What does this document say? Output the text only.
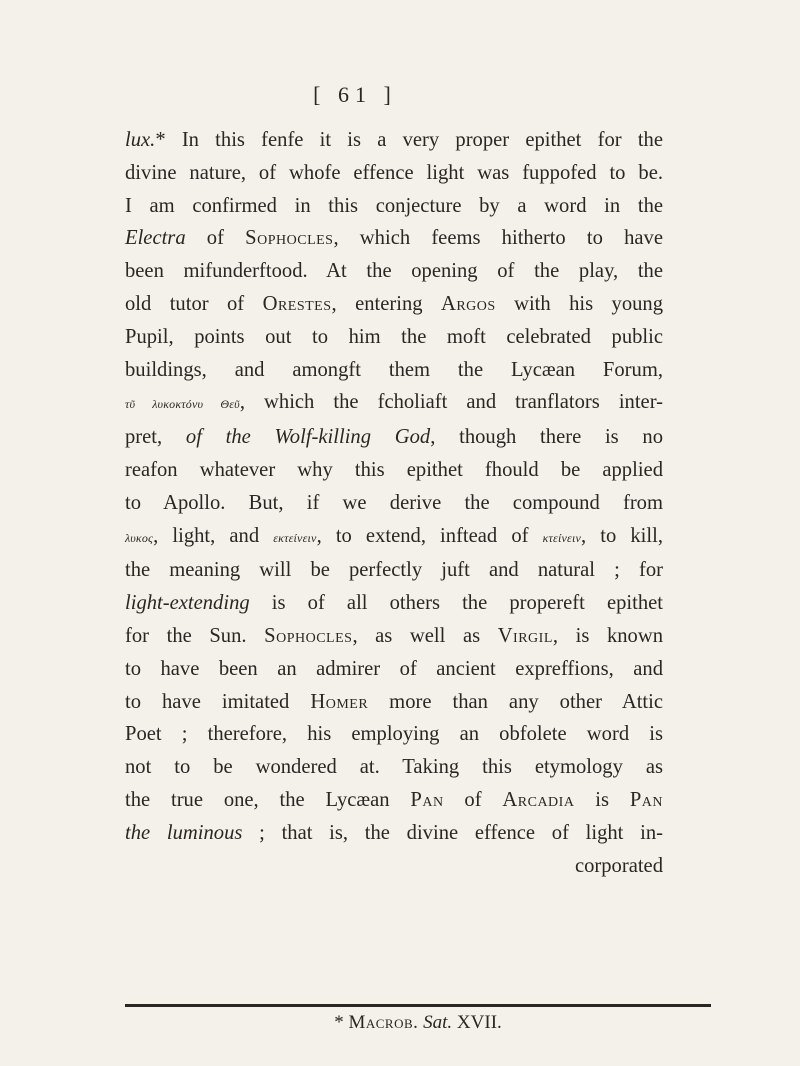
[ 61 ]
lux.* In this fenfe it is a very proper epithet for the
divine nature, of whofe effence light was fuppofed to be.
I am confirmed in this conjecture by a word in the
Electra of Sophocles, which feems hitherto to have
been mifunderftood. At the opening of the play, the
old tutor of Orestes, entering Argos with his young
Pupil, points out to him the moft celebrated public
buildings, and amongft them the Lycæan Forum,
τῦ λυκοκτόνυ Θεῦ, which the fcholiaft and tranflators inter-
pret, of the Wolf-killing God, though there is no
reafon whatever why this epithet fhould be applied
to Apollo. But, if we derive the compound from
λυκος, light, and εκτείνειν, to extend, inftead of κτείνειν, to kill,
the meaning will be perfectly juft and natural ; for
light-extending is of all others the propereft epithet
for the Sun. Sophocles, as well as Virgil, is known
to have been an admirer of ancient expreffions, and
to have imitated Homer more than any other Attic
Poet ; therefore, his employing an obfolete word is
not to be wondered at. Taking this etymology as
the true one, the Lycæan Pan of Arcadia is Pan
the luminous ; that is, the divine effence of light in-
corporated
* Macrob. Sat. XVII.
